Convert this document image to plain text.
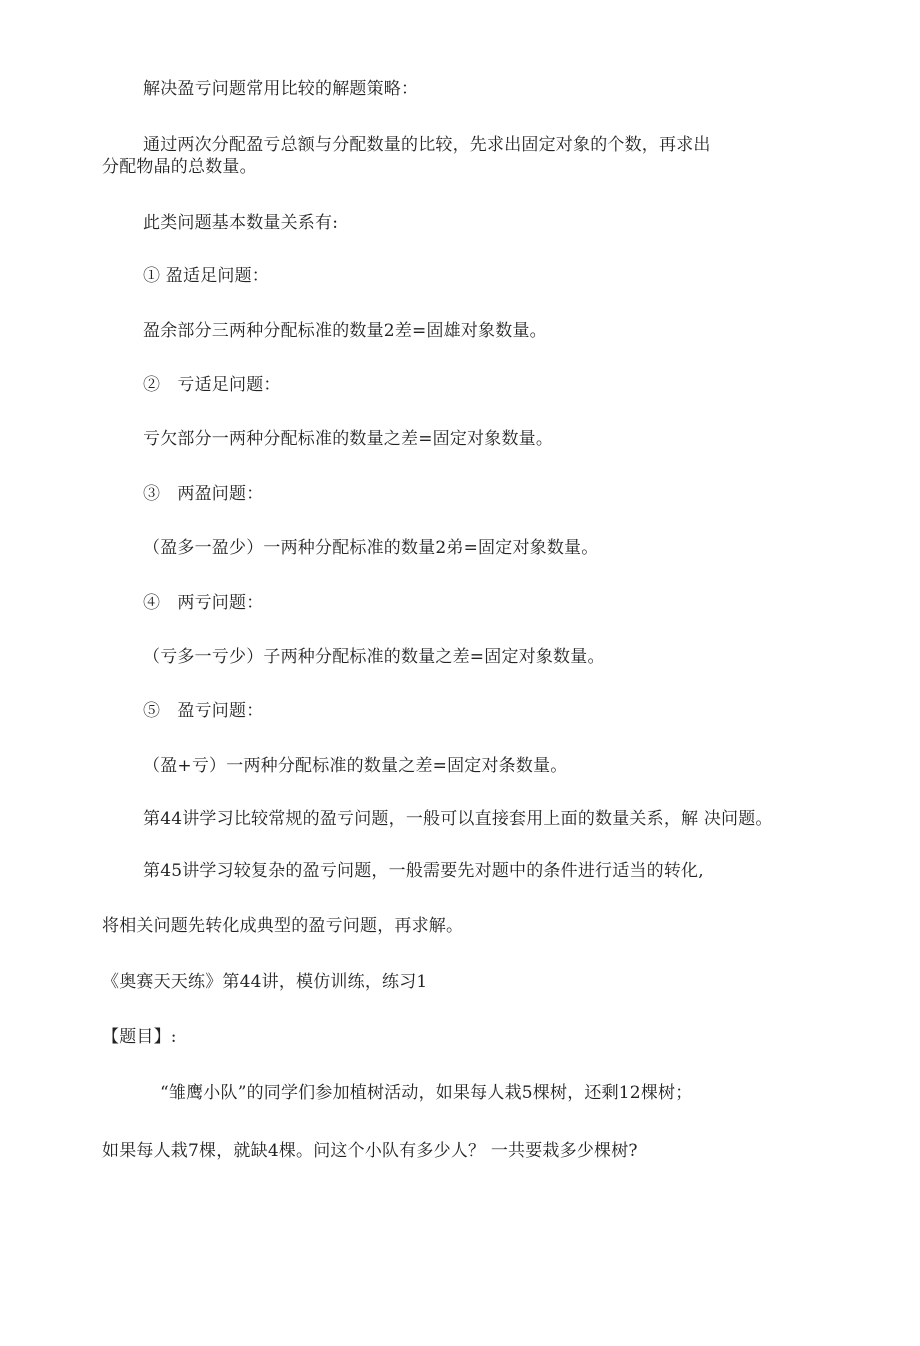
解决盈亏问题常用比较的解题策略：
通过两次分配盈亏总额与分配数量的比较，先求出固定对象的个数，再求出
分配物晶的总数量。
此类问题基本数量关系有:
① 盈适足问题：
盈余部分三两种分配标准的数量2差=固雄对象数量。
②　亏适足问题：
亏欠部分一两种分配标准的数量之差=固定对象数量。
③　两盈问题：
（盈多一盈少）一两种分配标准的数量2弟=固定对象数量。
④　两亏问题：
（亏多一亏少）子两种分配标准的数量之差=固定对象数量。
⑤　盈亏问题：
（盈+亏）一两种分配标准的数量之差=固定对条数量。
第44讲学习比较常规的盈亏问题，一般可以直接套用上面的数量关系，解 决问题。
第45讲学习较复杂的盈亏问题，一般需要先对题中的条件进行适当的转化,
将相关问题先转化成典型的盈亏问题，再求解。
《奥赛天天练》第44讲，模仿训练，练习1
【题目】:
“雏鹰小队”的同学们参加植树活动，如果每人栽5棵树，还剩12棵树；
如果每人栽7棵，就缺4棵。问这个小队有多少人？ 一共要栽多少棵树?
